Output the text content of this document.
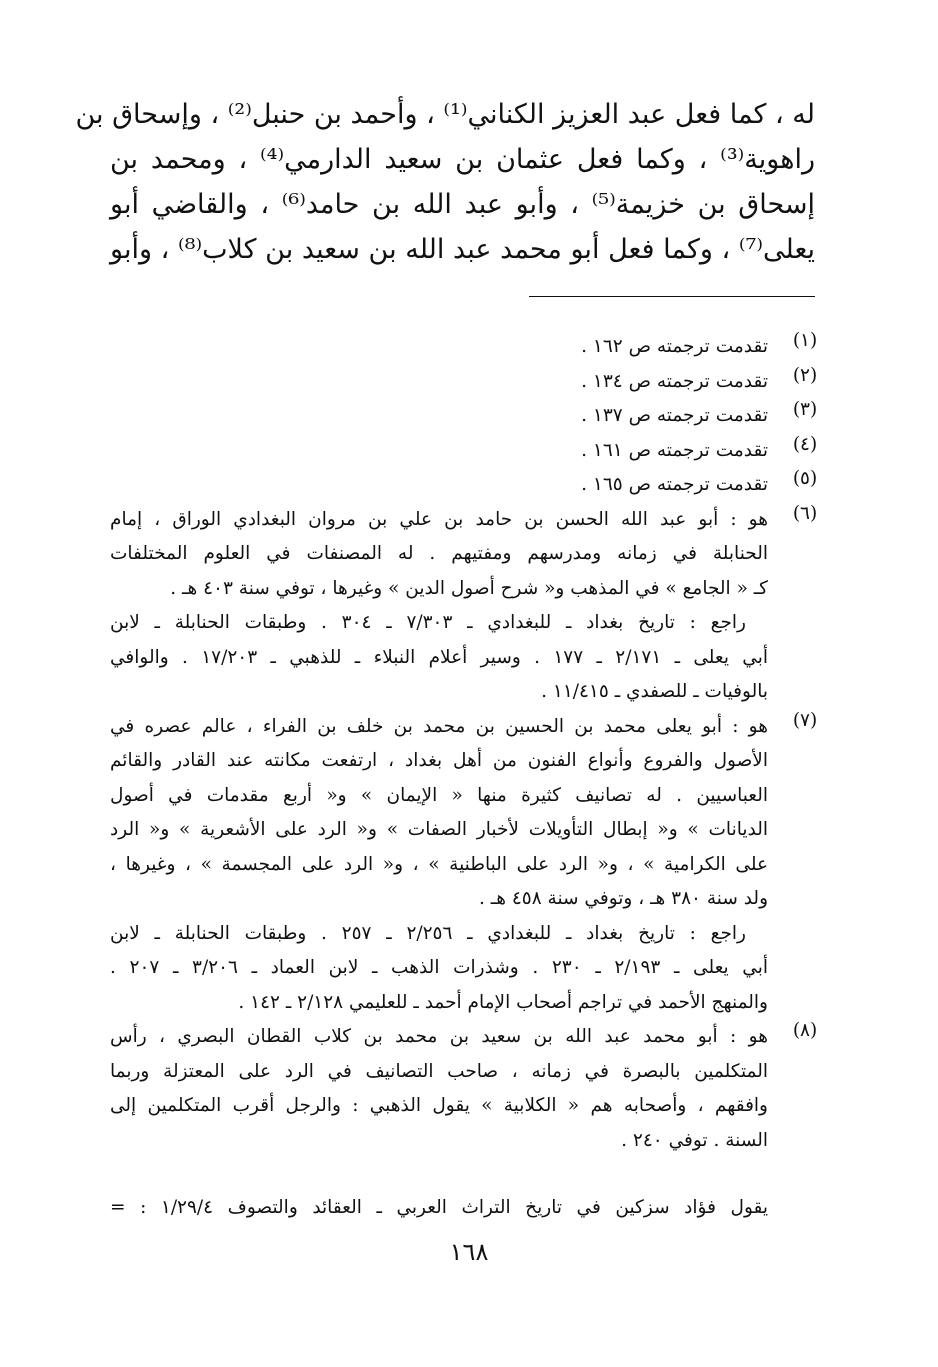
له ، كما فعل عبد العزيز الكناني⁽¹⁾ ، وأحمد بن حنبل⁽²⁾ ، وإسحاق بن
راهوية⁽³⁾ ، وكما فعل عثمان بن سعيد الدارمي⁽⁴⁾ ، ومحمد بن
إسحاق بن خزيمة⁽⁵⁾ ، وأبو عبد الله بن حامد⁽⁶⁾ ، والقاضي أبو
يعلى⁽⁷⁾ ، وكما فعل أبو محمد عبد الله بن سعيد بن كلاب⁽⁸⁾ ، وأبو
(١)
تقدمت ترجمته ص ١٦٢ .
(٢)
تقدمت ترجمته ص ١٣٤ .
(٣)
تقدمت ترجمته ص ١٣٧ .
(٤)
تقدمت ترجمته ص ١٦١ .
(٥)
تقدمت ترجمته ص ١٦٥ .
(٦)
هو : أبو عبد الله الحسن بن حامد بن علي بن مروان البغدادي الوراق ، إمام
الحنابلة في زمانه ومدرسهم ومفتيهم . له المصنفات في العلوم المختلفات
كـ « الجامع » في المذهب و« شرح أصول الدين » وغيرها ، توفي سنة ٤٠٣ هـ .
راجع : تاريخ بغداد ـ للبغدادي ـ ٧/٣٠٣ ـ ٣٠٤ . وطبقات الحنابلة ـ لابن
أبي يعلى ـ ٢/١٧١ ـ ١٧٧ . وسير أعلام النبلاء ـ للذهبي ـ ١٧/٢٠٣ . والوافي
بالوفيات ـ للصفدي ـ ١١/٤١٥ .
(٧)
هو : أبو يعلى محمد بن الحسين بن محمد بن خلف بن الفراء ، عالم عصره في
الأصول والفروع وأنواع الفنون من أهل بغداد ، ارتفعت مكانته عند القادر والقائم
العباسيين . له تصانيف كثيرة منها « الإيمان » و« أربع مقدمات في أصول
الديانات » و« إبطال التأويلات لأخبار الصفات » و« الرد على الأشعرية » و« الرد
على الكرامية » ، و« الرد على الباطنية » ، و« الرد على المجسمة » ، وغيرها ،
ولد سنة ٣٨٠ هـ ، وتوفي سنة ٤٥٨ هـ .
راجع : تاريخ بغداد ـ للبغدادي ـ ٢/٢٥٦ ـ ٢٥٧ . وطبقات الحنابلة ـ لابن
أبي يعلى ـ ٢/١٩٣ ـ ٢٣٠ . وشذرات الذهب ـ لابن العماد ـ ٣/٢٠٦ ـ ٢٠٧ .
والمنهج الأحمد في تراجم أصحاب الإمام أحمد ـ للعليمي ٢/١٢٨ ـ ١٤٢ .
(٨)
هو : أبو محمد عبد الله بن سعيد بن محمد بن كلاب القطان البصري ، رأس
المتكلمين بالبصرة في زمانه ، صاحب التصانيف في الرد على المعتزلة وربما
وافقهم ، وأصحابه هم « الكلابية » يقول الذهبي : والرجل أقرب المتكلمين إلى
السنة . توفي ٢٤٠ .
يقول فؤاد سزكين في تاريخ التراث العربي ـ العقائد والتصوف ١/٢٩/٤ : =
١٦٨
